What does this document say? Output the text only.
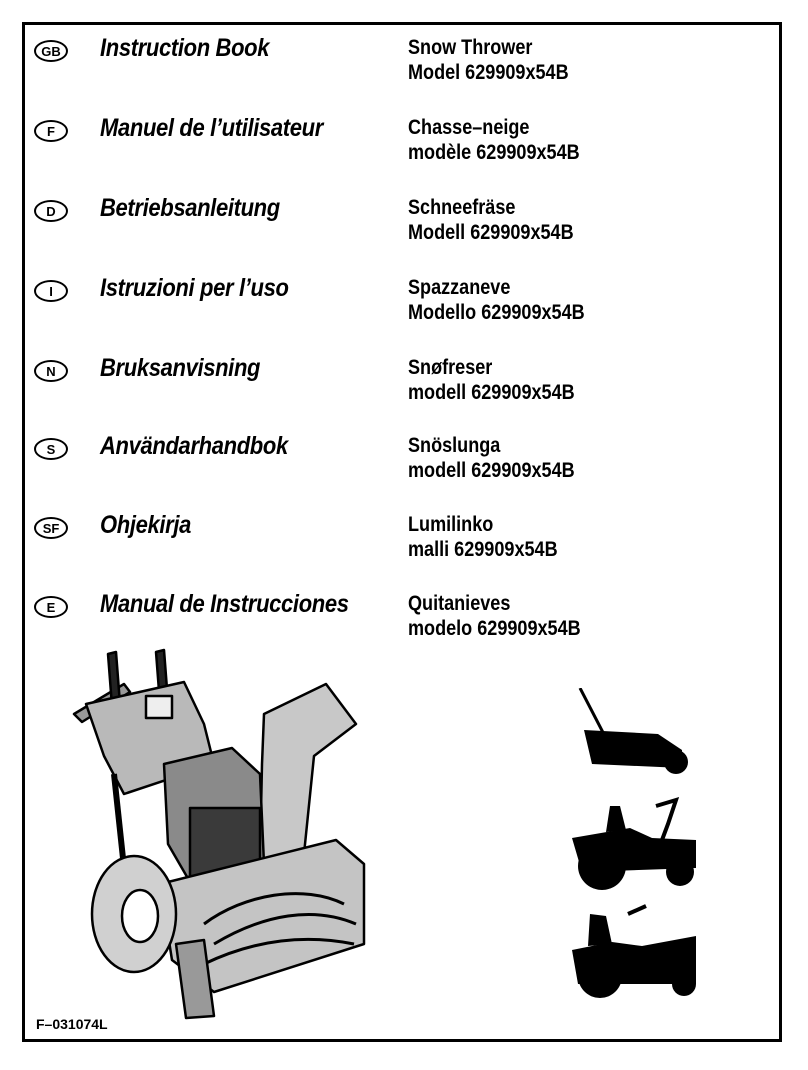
GB Instruction Book	Snow Thrower
Model 629909x54B
F	Manuel de l’utilisateur	Chasse–neige
modèle 629909x54B
D	Betriebsanleitung	Schneefräse
Modell 629909x54B
I	Istruzioni per l’uso	Spazzaneve
Modello 629909x54B
N	Bruksanvisning	Snøfreser
modell 629909x54B
S	Användarhandbok	Snöslunga
modell 629909x54B
SF	Ohjekirja	Lumilinko
malli 629909x54B
E	Manual de Instrucciones	Quitanieves
modelo 629909x54B
F–031074L
